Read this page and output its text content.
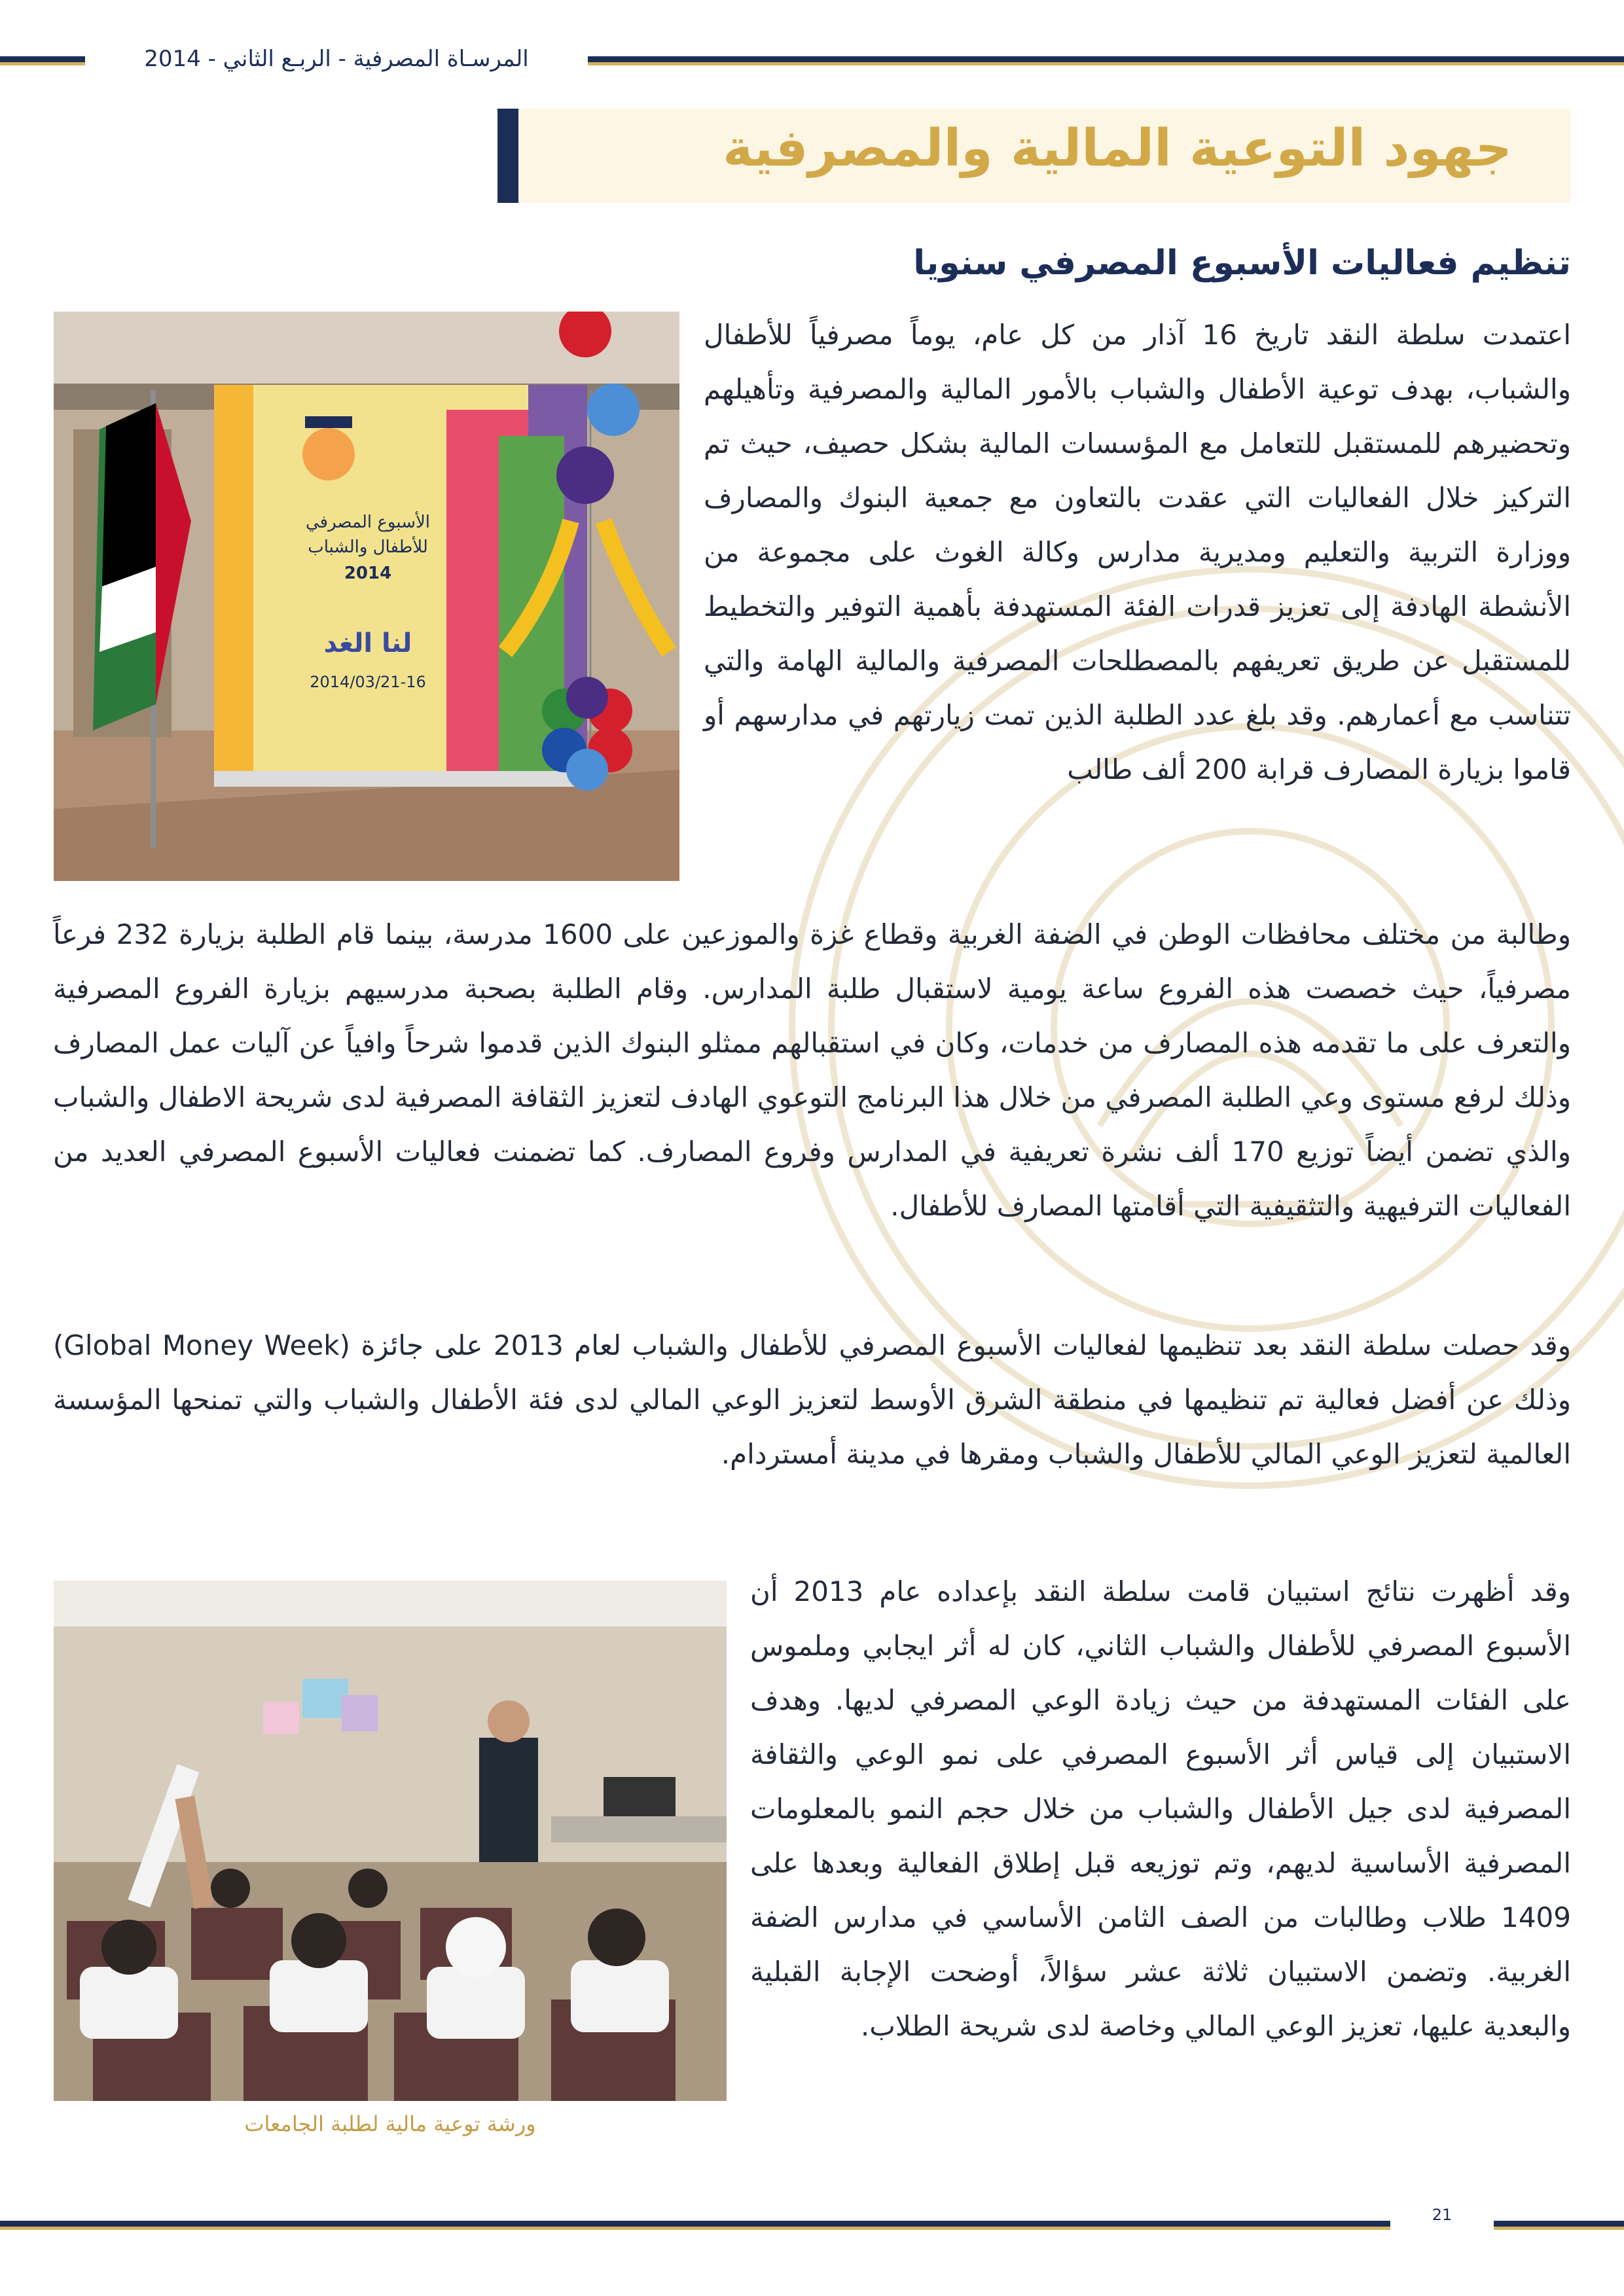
المرسـاة المصرفية - الربـع الثاني - 2014
جهود التوعية المالية والمصرفية
تنظيم فعاليات الأسبوع المصرفي سنويا
الأسبوع المصرفي
للأطفال والشباب
2014
لنا الغد
2014/03/21-16
اعتمدت سلطة النقد تاريخ 16 آذار من كل عام، يوماً مصرفياً للأطفال والشباب، بهدف توعية الأطفال والشباب بالأمور المالية والمصرفية وتأهيلهم وتحضيرهم للمستقبل للتعامل مع المؤسسات المالية بشكل حصيف، حيث تم التركيز خلال الفعاليات التي عقدت بالتعاون مع جمعية البنوك والمصارف ووزارة التربية والتعليم ومديرية مدارس وكالة الغوث على مجموعة من الأنشطة الهادفة إلى تعزيز قدرات الفئة المستهدفة بأهمية التوفير والتخطيط للمستقبل عن طريق تعريفهم بالمصطلحات المصرفية والمالية الهامة والتي تتناسب مع أعمارهم. وقد بلغ عدد الطلبة الذين تمت زيارتهم في مدارسهم أو قاموا بزيارة المصارف قرابة 200 ألف طالب
وطالبة من مختلف محافظات الوطن في الضفة الغربية وقطاع غزة والموزعين على 1600 مدرسة، بينما قام الطلبة بزيارة 232 فرعاً مصرفياً، حيث خصصت هذه الفروع ساعة يومية لاستقبال طلبة المدارس. وقام الطلبة بصحبة مدرسيهم بزيارة الفروع المصرفية والتعرف على ما تقدمه هذه المصارف من خدمات، وكان في استقبالهم ممثلو البنوك الذين قدموا شرحاً وافياً عن آليات عمل المصارف وذلك لرفع مستوى وعي الطلبة المصرفي من خلال هذا البرنامج التوعوي الهادف لتعزيز الثقافة المصرفية لدى شريحة الاطفال والشباب والذي تضمن أيضاً توزيع 170 ألف نشرة تعريفية في المدارس وفروع المصارف. كما تضمنت فعاليات الأسبوع المصرفي العديد من الفعاليات الترفيهية والتثقيفية التي أقامتها المصارف للأطفال.
وقد حصلت سلطة النقد بعد تنظيمها لفعاليات الأسبوع المصرفي للأطفال والشباب لعام 2013 على جائزة (Global Money Week) وذلك عن أفضل فعالية تم تنظيمها في منطقة الشرق الأوسط لتعزيز الوعي المالي لدى فئة الأطفال والشباب والتي تمنحها المؤسسة العالمية لتعزيز الوعي المالي للأطفال والشباب ومقرها في مدينة أمستردام.
ورشة توعية مالية لطلبة الجامعات
وقد أظهرت نتائج استبيان قامت سلطة النقد بإعداده عام 2013 أن الأسبوع المصرفي للأطفال والشباب الثاني، كان له أثر ايجابي وملموس على الفئات المستهدفة من حيث زيادة الوعي المصرفي لديها. وهدف الاستبيان إلى قياس أثر الأسبوع المصرفي على نمو الوعي والثقافة المصرفية لدى جيل الأطفال والشباب من خلال حجم النمو بالمعلومات المصرفية الأساسية لديهم، وتم توزيعه قبل إطلاق الفعالية وبعدها على 1409 طلاب وطالبات من الصف الثامن الأساسي في مدارس الضفة الغربية. وتضمن الاستبيان ثلاثة عشر سؤالاً، أوضحت الإجابة القبلية والبعدية عليها، تعزيز الوعي المالي وخاصة لدى شريحة الطلاب.
21
